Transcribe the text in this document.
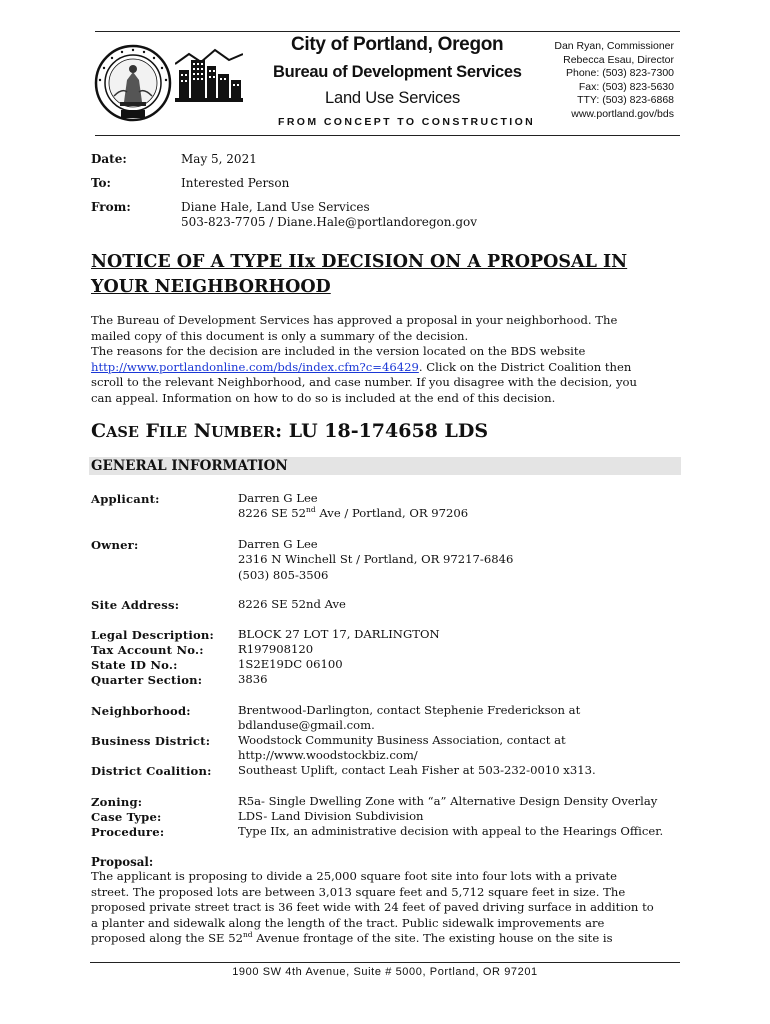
City of Portland, Oregon
Bureau of Development Services
Land Use Services
FROM CONCEPT TO CONSTRUCTION
Dan Ryan, Commissioner
Rebecca Esau, Director
Phone: (503) 823-7300
Fax: (503) 823-5630
TTY: (503) 823-6868
www.portland.gov/bds
Date:	May 5, 2021
To:	Interested Person
From:	Diane Hale, Land Use Services
503-823-7705 / Diane.Hale@portlandoregon.gov
NOTICE OF A TYPE IIx DECISION ON A PROPOSAL IN
YOUR NEIGHBORHOOD
The Bureau of Development Services has approved a proposal in your neighborhood. The
mailed copy of this document is only a summary of the decision.
The reasons for the decision are included in the version located on the BDS website
http://www.portlandonline.com/bds/index.cfm?c=46429. Click on the District Coalition then
scroll to the relevant Neighborhood, and case number. If you disagree with the decision, you
can appeal. Information on how to do so is included at the end of this decision.
CASE FILE NUMBER: LU 18-174658 LDS
GENERAL INFORMATION
Applicant:	Darren G Lee
8226 SE 52nd Ave / Portland, OR 97206
Owner:	Darren G Lee
2316 N Winchell St / Portland, OR 97217-6846
(503) 805-3506
Site Address:	8226 SE 52nd Ave
Legal Description: BLOCK 27 LOT 17, DARLINGTON
Tax Account No.:	R197908120
State ID No.:	1S2E19DC 06100
Quarter Section:	3836
Neighborhood:	Brentwood-Darlington, contact Stephenie Frederickson at
bdlanduse@gmail.com.
Business District: Woodstock Community Business Association, contact at
http://www.woodstockbiz.com/
District Coalition: Southeast Uplift, contact Leah Fisher at 503-232-0010 x313.
Zoning:	R5a- Single Dwelling Zone with “a” Alternative Design Density Overlay
Case Type:	LDS- Land Division Subdivision
Procedure:	Type IIx, an administrative decision with appeal to the Hearings Officer.
Proposal:
The applicant is proposing to divide a 25,000 square foot site into four lots with a private
street. The proposed lots are between 3,013 square feet and 5,712 square feet in size. The
proposed private street tract is 36 feet wide with 24 feet of paved driving surface in addition to
a planter and sidewalk along the length of the tract. Public sidewalk improvements are
proposed along the SE 52nd Avenue frontage of the site. The existing house on the site is
1900 SW 4th Avenue, Suite # 5000, Portland, OR 97201
